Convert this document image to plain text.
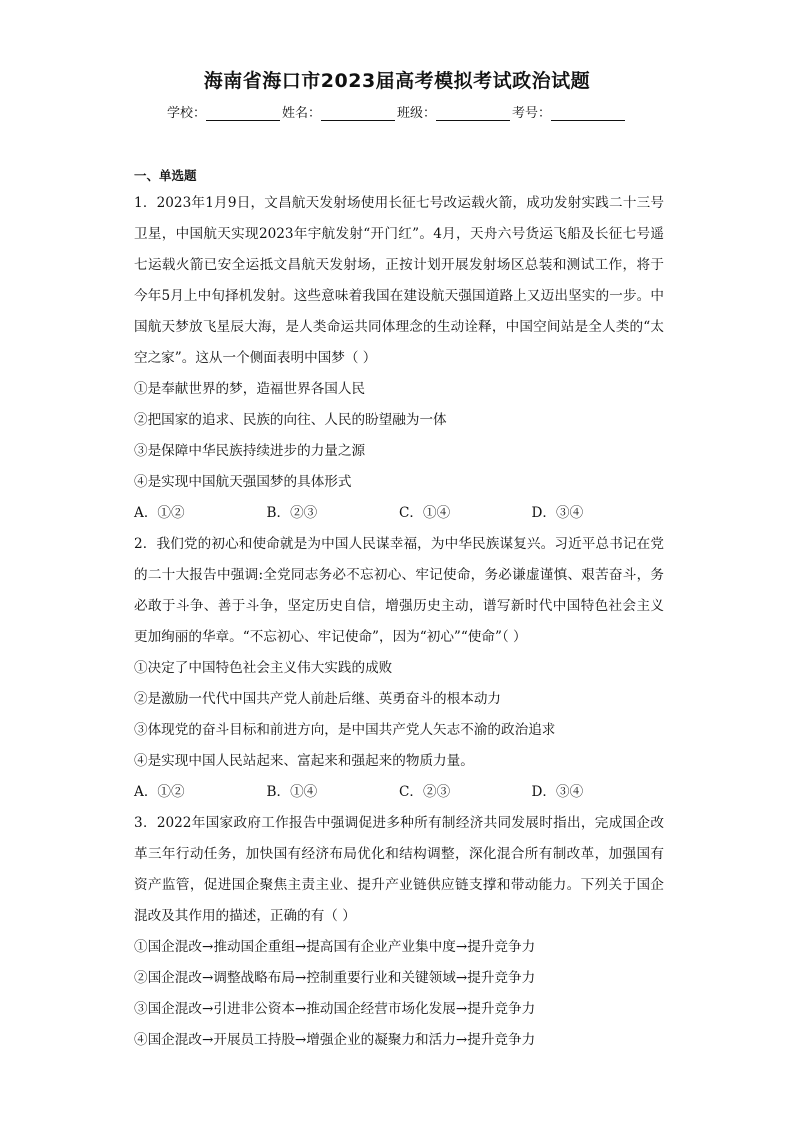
海南省海口市2023届高考模拟考试政治试题
学校：	姓名：	班级：	考号：
一、单选题

1．2023年1月9日，文昌航天发射场使用长征七号改运载火箭，成功发射实践二十三号卫星，中国航天实现2023年宇航发射“开门红”。4月，天舟六号货运飞船及长征七号遥七运载火箭已安全运抵文昌航天发射场，正按计划开展发射场区总装和测试工作，将于今年5月上中旬择机发射。这些意味着我国在建设航天强国道路上又迈出坚实的一步。中国航天梦放飞星辰大海，是人类命运共同体理念的生动诠释，中国空间站是全人类的“太空之家”。这从一个侧面表明中国梦（ ）

①是奉献世界的梦，造福世界各国人民

②把国家的追求、民族的向往、人民的盼望融为一体

③是保障中华民族持续进步的力量之源

④是实现中国航天强国梦的具体形式

A．①②	B．②③	C．①④	D．③④

2．我们党的初心和使命就是为中国人民谋幸福，为中华民族谋复兴。习近平总书记在党的二十大报告中强调:全党同志务必不忘初心、牢记使命，务必谦虚谨慎、艰苦奋斗，务必敢于斗争、善于斗争，坚定历史自信，增强历史主动，谱写新时代中国特色社会主义更加绚丽的华章。“不忘初心、牢记使命”，因为“初心”“使命”（ ）

①决定了中国特色社会主义伟大实践的成败

②是激励一代代中国共产党人前赴后继、英勇奋斗的根本动力

③体现党的奋斗目标和前进方向，是中国共产党人矢志不渝的政治追求

④是实现中国人民站起来、富起来和强起来的物质力量。

A．①②	B．①④	C．②③	D．③④

3．2022年国家政府工作报告中强调促进多种所有制经济共同发展时指出，完成国企改革三年行动任务，加快国有经济布局优化和结构调整，深化混合所有制改革，加强国有资产监管，促进国企聚焦主责主业、提升产业链供应链支撑和带动能力。下列关于国企混改及其作用的描述，正确的有（ ）

①国企混改→推动国企重组→提高国有企业产业集中度→提升竞争力

②国企混改→调整战略布局→控制重要行业和关键领域→提升竞争力

③国企混改→引进非公资本→推动国企经营市场化发展→提升竞争力

④国企混改→开展员工持股→增强企业的凝聚力和活力→提升竞争力
